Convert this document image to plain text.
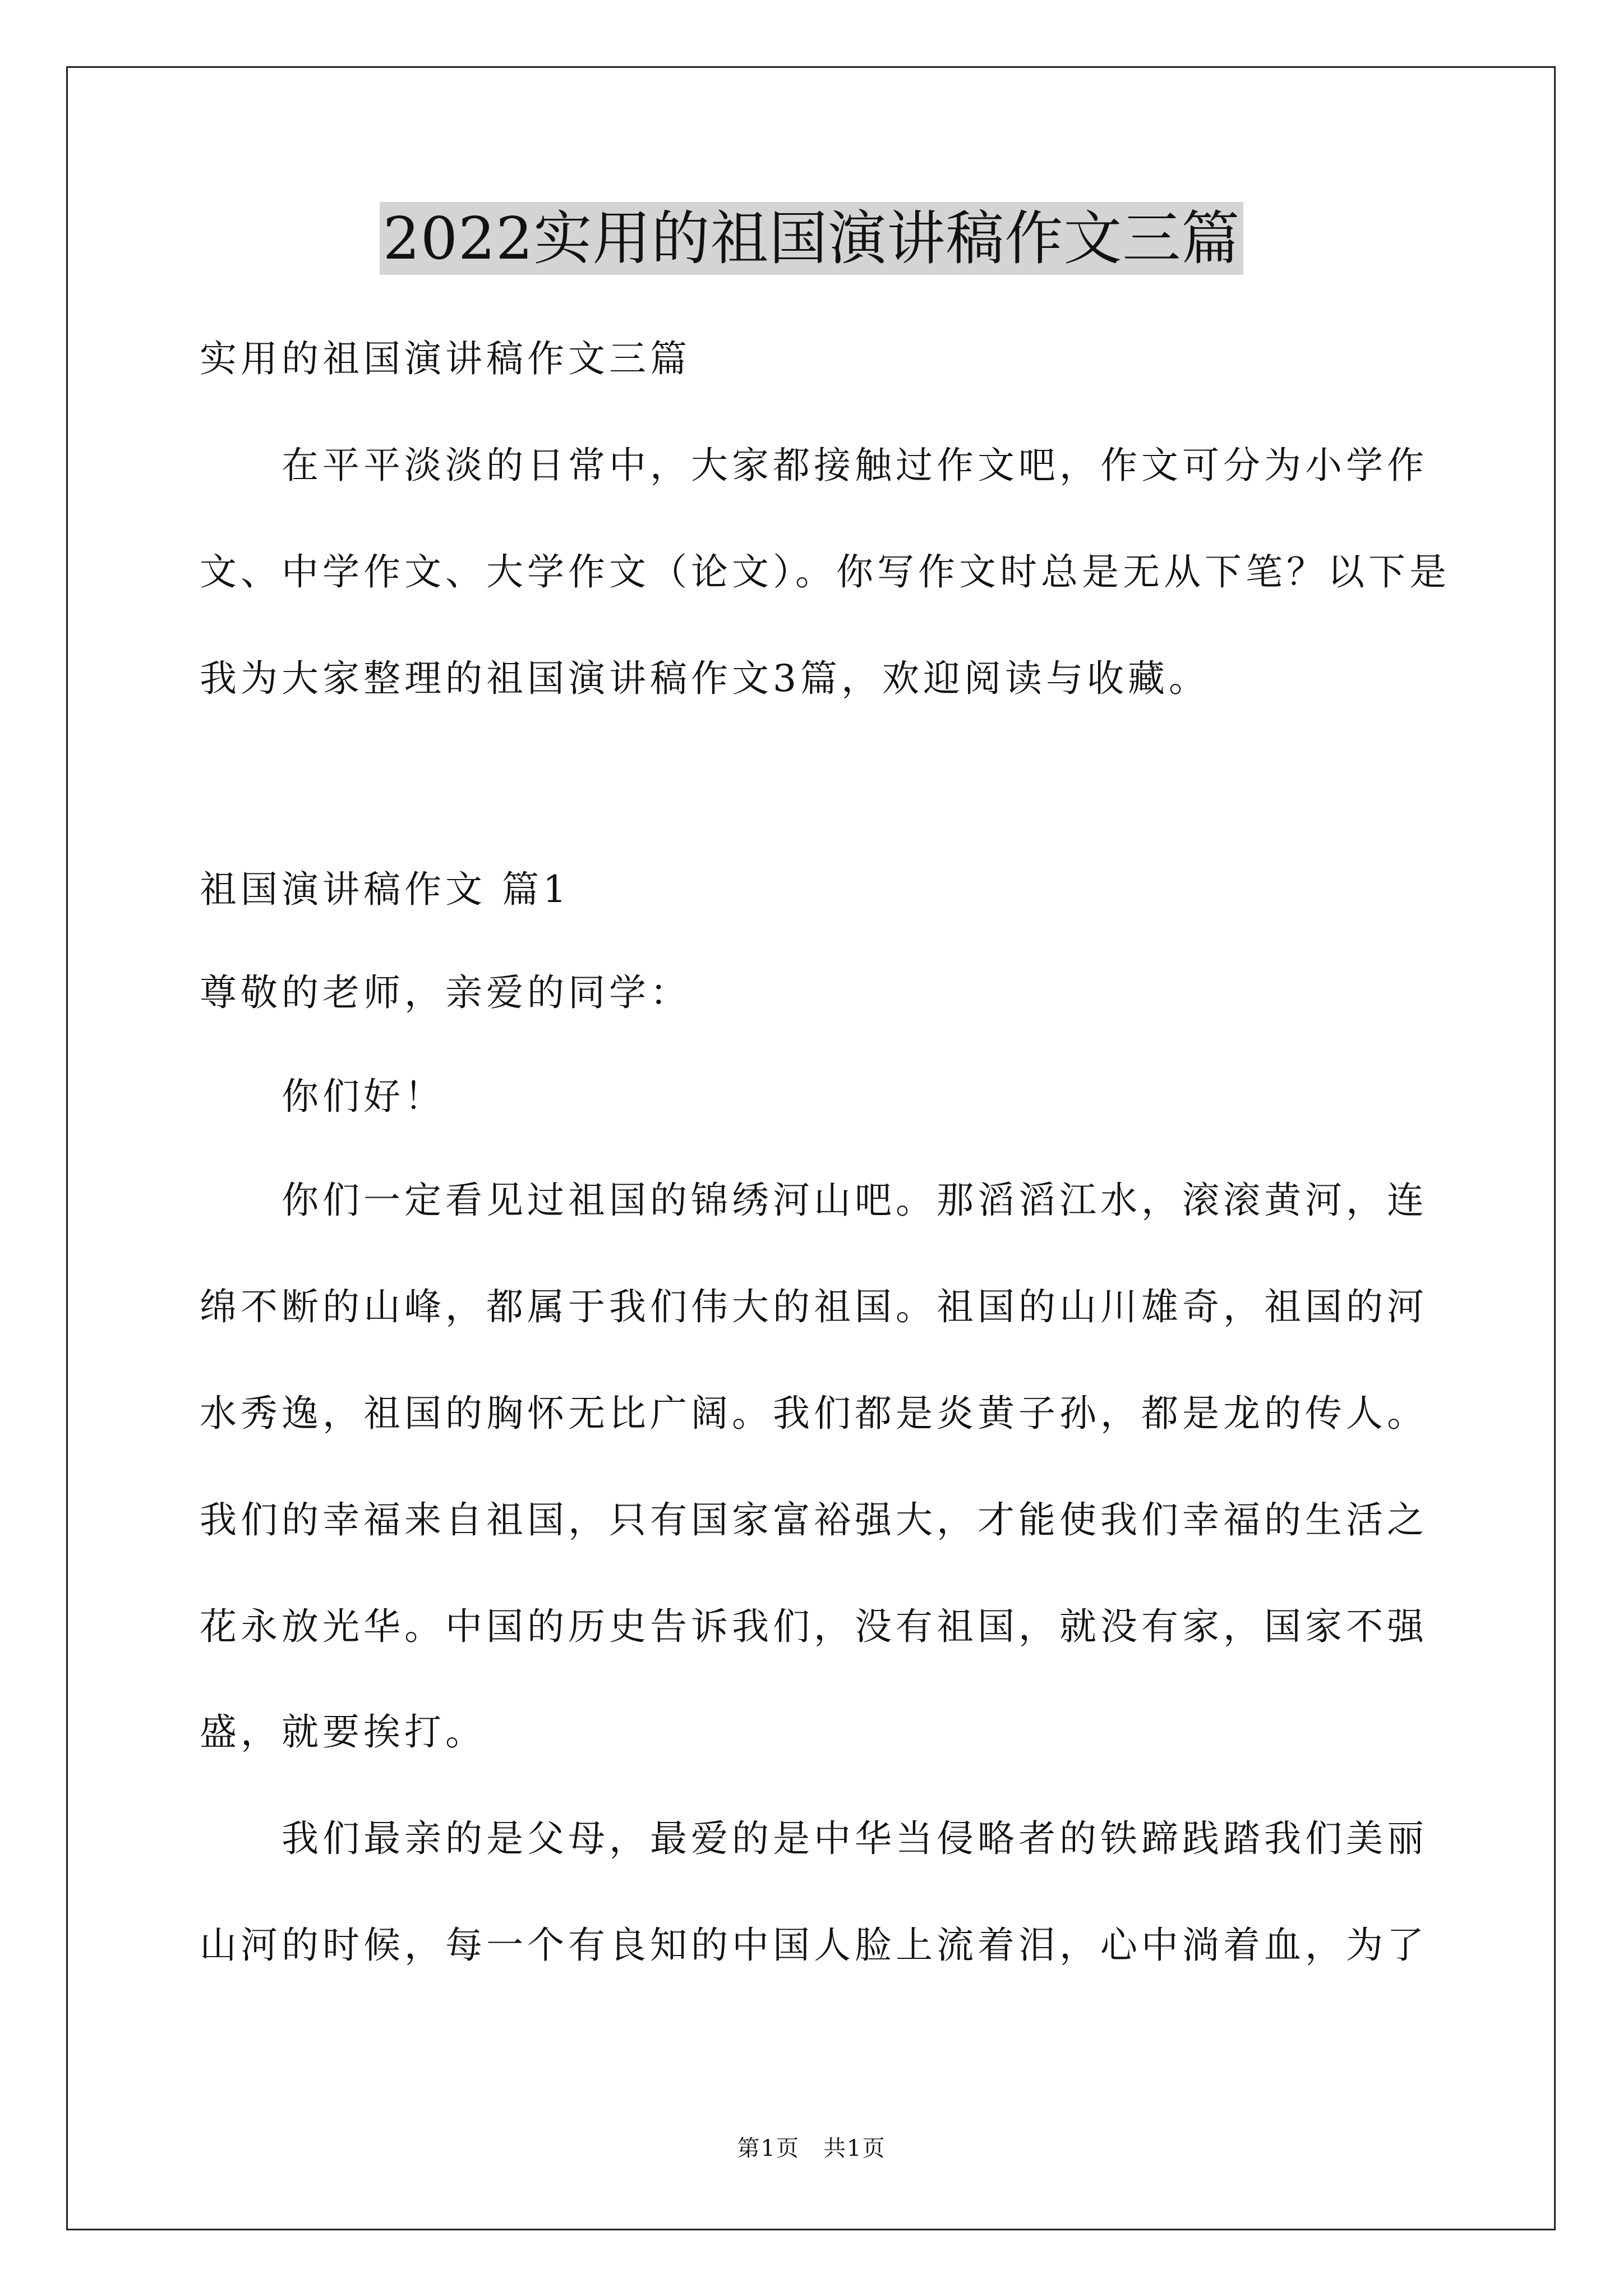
2022实用的祖国演讲稿作文三篇
实用的祖国演讲稿作文三篇
　　在平平淡淡的日常中，大家都接触过作文吧，作文可分为小学作
文、中学作文、大学作文（论文）。你写作文时总是无从下笔？以下是
我为大家整理的祖国演讲稿作文3篇，欢迎阅读与收藏。
祖国演讲稿作文 篇1
尊敬的老师，亲爱的同学：
　　你们好！
　　你们一定看见过祖国的锦绣河山吧。那滔滔江水，滚滚黄河，连
绵不断的山峰，都属于我们伟大的祖国。祖国的山川雄奇，祖国的河
水秀逸，祖国的胸怀无比广阔。我们都是炎黄子孙，都是龙的传人。
我们的幸福来自祖国，只有国家富裕强大，才能使我们幸福的生活之
花永放光华。中国的历史告诉我们，没有祖国，就没有家，国家不强
盛，就要挨打。
　　我们最亲的是父母，最爱的是中华当侵略者的铁蹄践踏我们美丽
山河的时候，每一个有良知的中国人脸上流着泪，心中淌着血，为了
第1页　共1页
